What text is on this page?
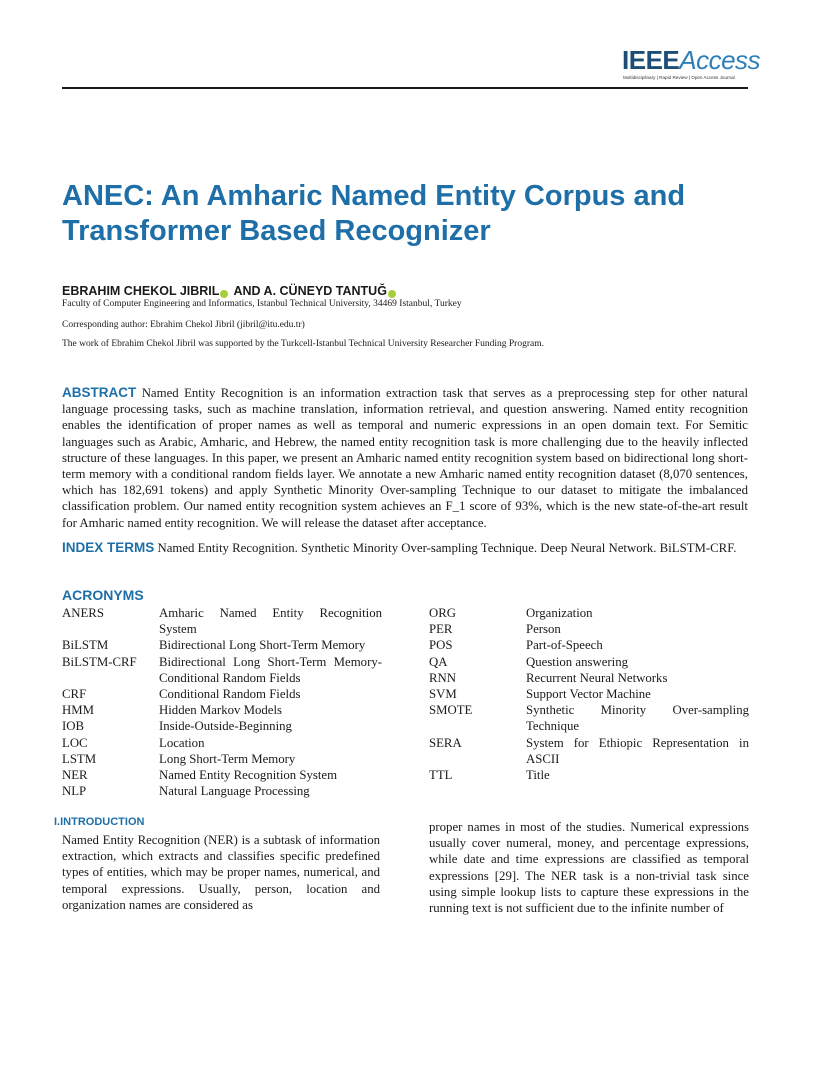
IEEEAccess
Multidisciplinary | Rapid Review | Open Access Journal
ANEC: An Amharic Named Entity Corpus and Transformer Based Recognizer
EBRAHIM CHEKOL JIBRIL AND A. CÜNEYD TANTUĞ
Faculty of Computer Engineering and Informatics, Istanbul Technical University, 34469 Istanbul, Turkey
Corresponding author: Ebrahim Chekol Jibril (jibril@itu.edu.tr)
The work of Ebrahim Chekol Jibril was supported by the Turkcell-Istanbul Technical University Researcher Funding Program.

ABSTRACT Named Entity Recognition is an information extraction task that serves as a preprocessing step for other natural language processing tasks, such as machine translation, information retrieval, and question answering. Named entity recognition enables the identification of proper names as well as temporal and numeric expressions in an open domain text. For Semitic languages such as Arabic, Amharic, and Hebrew, the named entity recognition task is more challenging due to the heavily inflected structure of these languages. In this paper, we present an Amharic named entity recognition system based on bidirectional long short-term memory with a conditional random fields layer. We annotate a new Amharic named entity recognition dataset (8,070 sentences, which has 182,691 tokens) and apply Synthetic Minority Over-sampling Technique to our dataset to mitigate the imbalanced classification problem. Our named entity recognition system achieves an F_1 score of 93%, which is the new state-of-the-art result for Amharic named entity recognition. We will release the dataset after acceptance.

INDEX TERMS Named Entity Recognition. Synthetic Minority Over-sampling Technique. Deep Neural Network. BiLSTM-CRF.

ACRONYMS
ANERS	Amharic Named Entity Recognition System
BiLSTM	Bidirectional Long Short-Term Memory
BiLSTM-CRF	Bidirectional Long Short-Term Memory-Conditional Random Fields
CRF	Conditional Random Fields
HMM	Hidden Markov Models
IOB	Inside-Outside-Beginning
LOC	Location
LSTM	Long Short-Term Memory
NER	Named Entity Recognition System
NLP	Natural Language Processing
ORG	Organization
PER	Person
POS	Part-of-Speech
QA	Question answering
RNN	Recurrent Neural Networks
SVM	Support Vector Machine
SMOTE	Synthetic Minority Over-sampling Technique
SERA	System for Ethiopic Representation in ASCII
TTL	Title
I.INTRODUCTION

Named Entity Recognition (NER) is a subtask of information extraction, which extracts and classifies specific predefined types of entities, which may be proper names, numerical, and temporal expressions. Usually, person, location and organization names are considered as

proper names in most of the studies. Numerical expressions usually cover numeral, money, and percentage expressions, while date and time expressions are classified as temporal expressions [29]. The NER task is a non-trivial task since using simple lookup lists to capture these expressions in the running text is not sufficient due to the infinite number of
